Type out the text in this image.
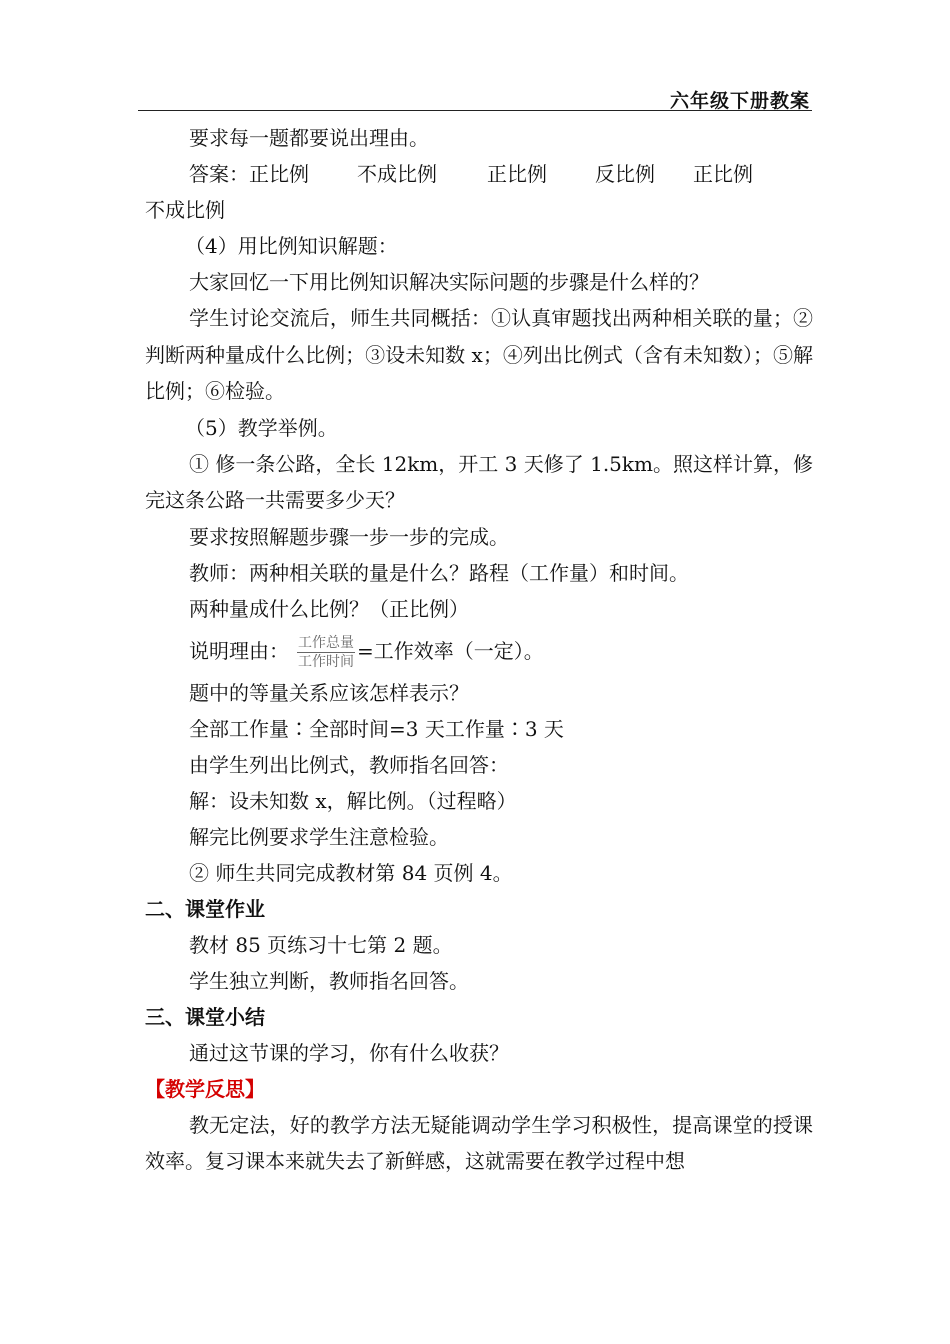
六年级下册教案
要求每一题都要说出理由。
答案：正比例 不成比例	正比例 反比例 正比例
不成比例
（4）用比例知识解题：
大家回忆一下用比例知识解决实际问题的步骤是什么样的？
学生讨论交流后，师生共同概括：①认真审题找出两种相关联的量；②判断两种量成什么比例；③设未知数 x；④列出比例式（含有未知数）；⑤解比例；⑥检验。
（5）教学举例。
① 修一条公路，全长 12km，开工 3 天修了 1.5km。照这样计算，修完这条公路一共需要多少天？
要求按照解题步骤一步一步的完成。
教师：两种相关联的量是什么？路程（工作量）和时间。
两种量成什么比例？（正比例）
说明理由： $\frac{\text{工作总量}}{\text{工作时间}}$ =工作效率（一定）。
题中的等量关系应该怎样表示？
全部工作量∶全部时间=3 天工作量∶3 天
由学生列出比例式，教师指名回答：
解：设未知数 x，解比例。（过程略）
解完比例要求学生注意检验。
② 师生共同完成教材第 84 页例 4。
二、课堂作业
教材 85 页练习十七第 2 题。
学生独立判断，教师指名回答。
三、课堂小结
通过这节课的学习，你有什么收获？
【教学反思】
教无定法，好的教学方法无疑能调动学生学习积极性，提高课堂的授课效率。复习课本来就失去了新鲜感，这就需要在教学过程中想
